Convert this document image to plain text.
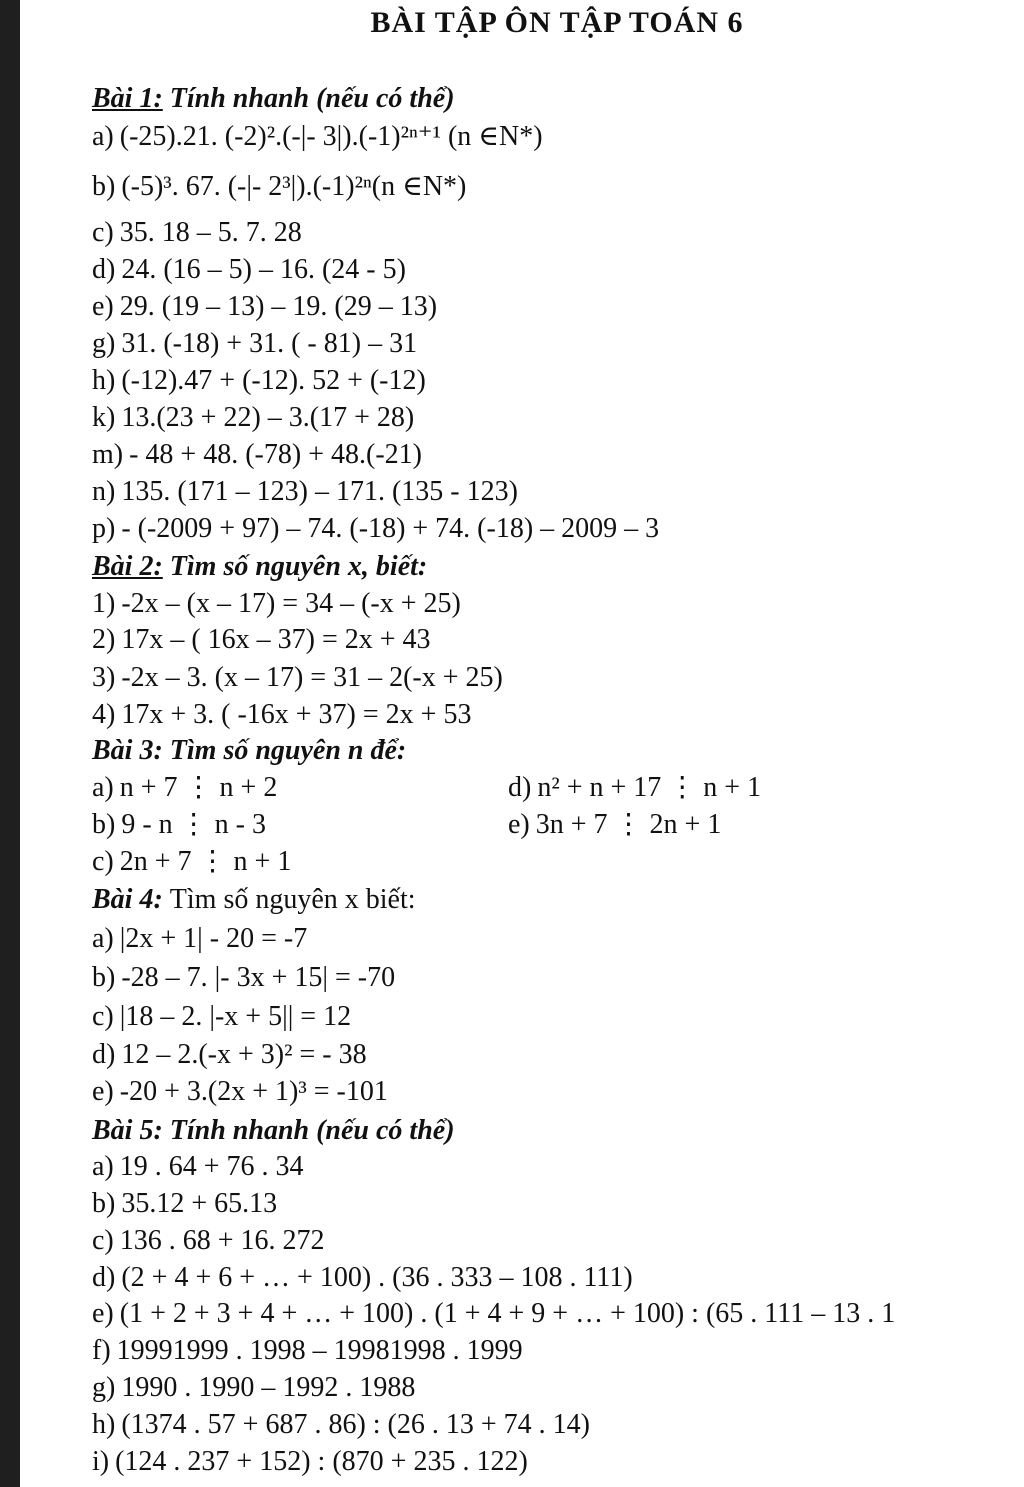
BÀI TẬP ÔN TẬP TOÁN 6
Bài 1: Tính nhanh (nếu có thể)
a) (-25).21. (-2)².(-|- 3|).(-1)²ⁿ⁺¹ (n ∈N*)
b) (-5)³. 67. (-|- 2³|).(-1)²ⁿ(n ∈N*)
c) 35. 18 – 5. 7. 28
d) 24. (16 – 5) – 16. (24 - 5)
e) 29. (19 – 13) – 19. (29 – 13)
g) 31. (-18) + 31. ( - 81) – 31
h) (-12).47 + (-12). 52 + (-12)
k) 13.(23 + 22) – 3.(17 + 28)
m) - 48 + 48. (-78) + 48.(-21)
n) 135. (171 – 123) – 171. (135 - 123)
p) - (-2009 + 97) – 74. (-18) + 74. (-18) – 2009 – 3
Bài 2: Tìm số nguyên x, biết:
1) -2x – (x – 17) = 34 – (-x + 25)
2) 17x – ( 16x – 37) = 2x + 43
3) -2x – 3. (x – 17) = 31 – 2(-x + 25)
4) 17x + 3. ( -16x + 37) = 2x + 53
Bài 3: Tìm số nguyên n để:
a) n + 7 ⋮ n + 2
b) 9 - n ⋮ n - 3
c) 2n + 7 ⋮ n + 1
d) n² + n + 17 ⋮ n + 1
e) 3n + 7 ⋮ 2n + 1
Bài 4: Tìm số nguyên x biết:
a) |2x + 1| - 20 = -7
b) -28 – 7. |- 3x + 15| = -70
c) |18 – 2. |-x + 5|| = 12
d) 12 – 2.(-x + 3)² = - 38
e) -20 + 3.(2x + 1)³ = -101
Bài 5: Tính nhanh (nếu có thể)
a) 19 . 64 + 76 . 34
b) 35.12 + 65.13
c) 136 . 68 + 16. 272
d) (2 + 4 + 6 + … + 100) . (36 . 333 – 108 . 111)
e) (1 + 2 + 3 + 4 + … + 100) . (1 + 4 + 9 + … + 100) : (65 . 111 – 13 . 1
f) 19991999 . 1998 – 19981998 . 1999
g) 1990 . 1990 – 1992 . 1988
h) (1374 . 57 + 687 . 86) : (26 . 13 + 74 . 14)
i) (124 . 237 + 152) : (870 + 235 . 122)
